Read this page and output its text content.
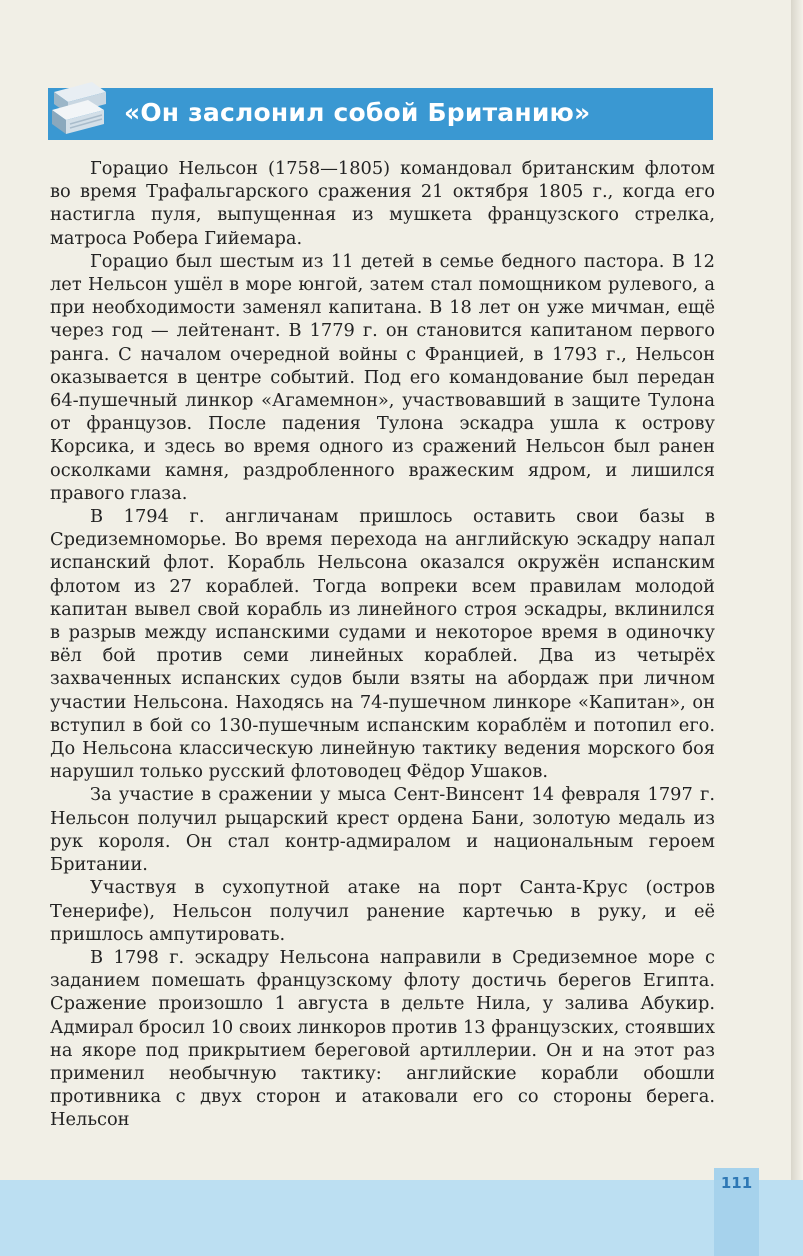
«Он заслонил собой Британию»

Горацио Нельсон (1758—1805) командовал британским флотом во время Трафальгарского сражения 21 октября 1805 г., когда его настигла пуля, выпущенная из мушкета французского стрелка, матроса Робера Гийемара.

Горацио был шестым из 11 детей в семье бедного пастора. В 12 лет Нельсон ушёл в море юнгой, затем стал помощником рулевого, а при необходимости заменял капитана. В 18 лет он уже мичман, ещё через год — лейтенант. В 1779 г. он становится капитаном первого ранга. С началом очередной войны с Францией, в 1793 г., Нельсон оказывается в центре событий. Под его командование был передан 64-пушечный линкор «Агамемнон», участвовавший в защите Тулона от французов. После падения Тулона эскадра ушла к острову Корсика, и здесь во время одного из сражений Нельсон был ранен осколками камня, раздробленного вражеским ядром, и лишился правого глаза.

В 1794 г. англичанам пришлось оставить свои базы в Средиземноморье. Во время перехода на английскую эскадру напал испанский флот. Корабль Нельсона оказался окружён испанским флотом из 27 кораблей. Тогда вопреки всем правилам молодой капитан вывел свой корабль из линейного строя эскадры, вклинился в разрыв между испанскими судами и некоторое время в одиночку вёл бой против семи линейных кораблей. Два из четырёх захваченных испанских судов были взяты на абордаж при личном участии Нельсона. Находясь на 74-пушечном линкоре «Капитан», он вступил в бой со 130-пушечным испанским кораблём и потопил его. До Нельсона классическую линейную тактику ведения морского боя нарушил только русский флотоводец Фёдор Ушаков.

За участие в сражении у мыса Сент-Винсент 14 февраля 1797 г. Нельсон получил рыцарский крест ордена Бани, золотую медаль из рук короля. Он стал контр-адмиралом и национальным героем Британии.

Участвуя в сухопутной атаке на порт Санта-Крус (остров Тенерифе), Нельсон получил ранение картечью в руку, и её пришлось ампутировать.

В 1798 г. эскадру Нельсона направили в Средиземное море с заданием помешать французскому флоту достичь берегов Египта. Сражение произошло 1 августа в дельте Нила, у залива Абукир. Адмирал бросил 10 своих линкоров против 13 французских, стоявших на якоре под прикрытием береговой артиллерии. Он и на этот раз применил необычную тактику: английские корабли обошли противника с двух сторон и атаковали его со стороны берега. Нельсон

111
